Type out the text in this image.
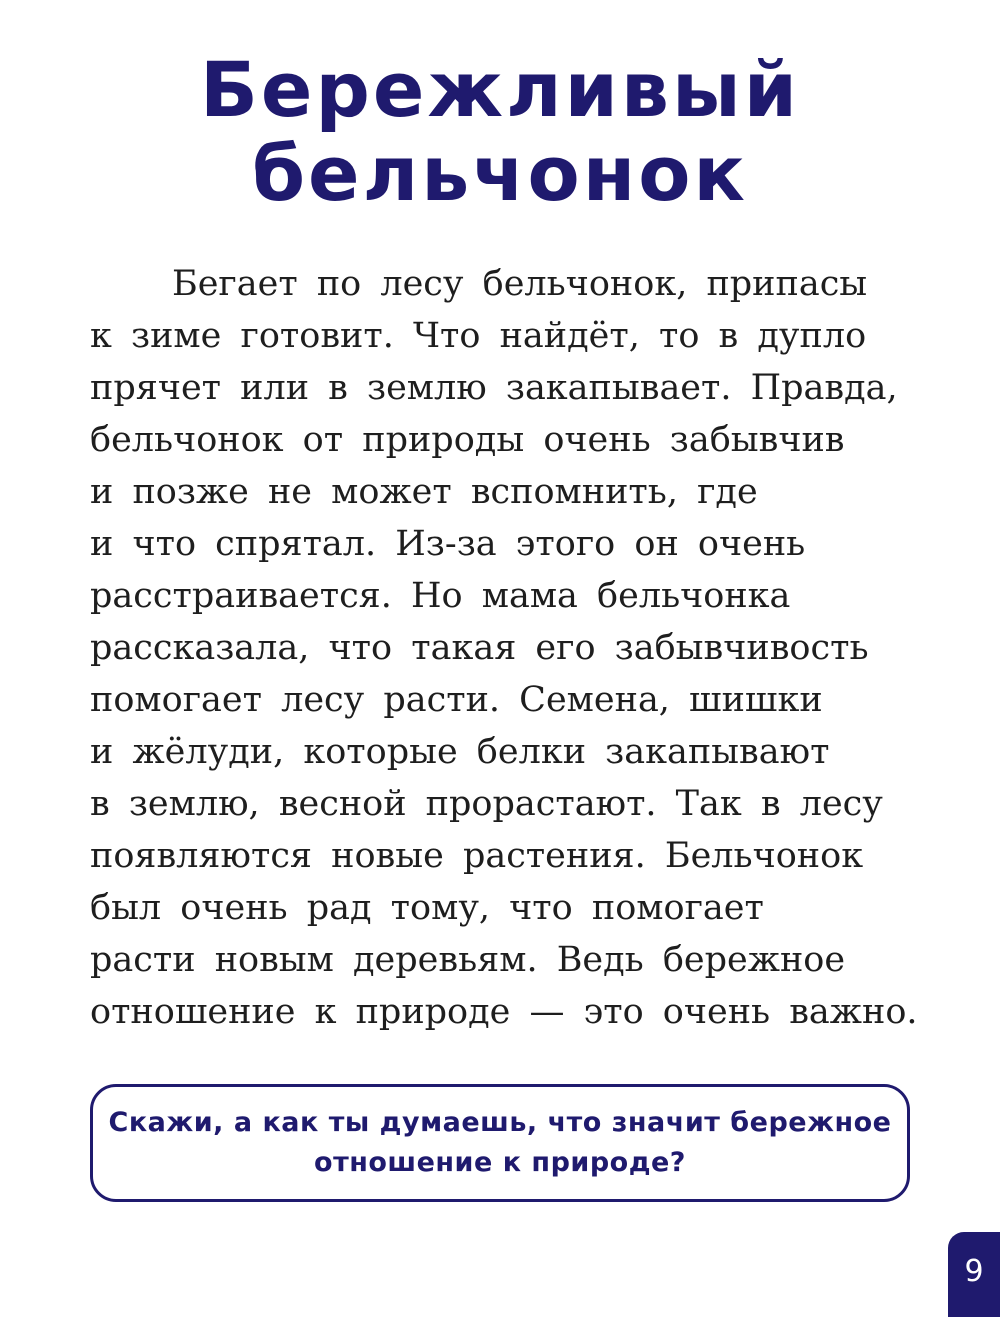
Бережливый
бельчонок
Бегает по лесу бельчонок, припасы
к зиме готовит. Что найдёт, то в дупло
прячет или в землю закапывает. Правда,
бельчонок от природы очень забывчив
и позже не может вспомнить, где
и что спрятал. Из-за этого он очень
расстраивается. Но мама бельчонка
рассказала, что такая его забывчивость
помогает лесу расти. Семена, шишки
и жёлуди, которые белки закапывают
в землю, весной прорастают. Так в лесу
появляются новые растения. Бельчонок
был очень рад тому, что помогает
расти новым деревьям. Ведь бережное
отношение к природе — это очень важно.
Скажи, а как ты думаешь, что значит бережное
отношение к природе?
9
